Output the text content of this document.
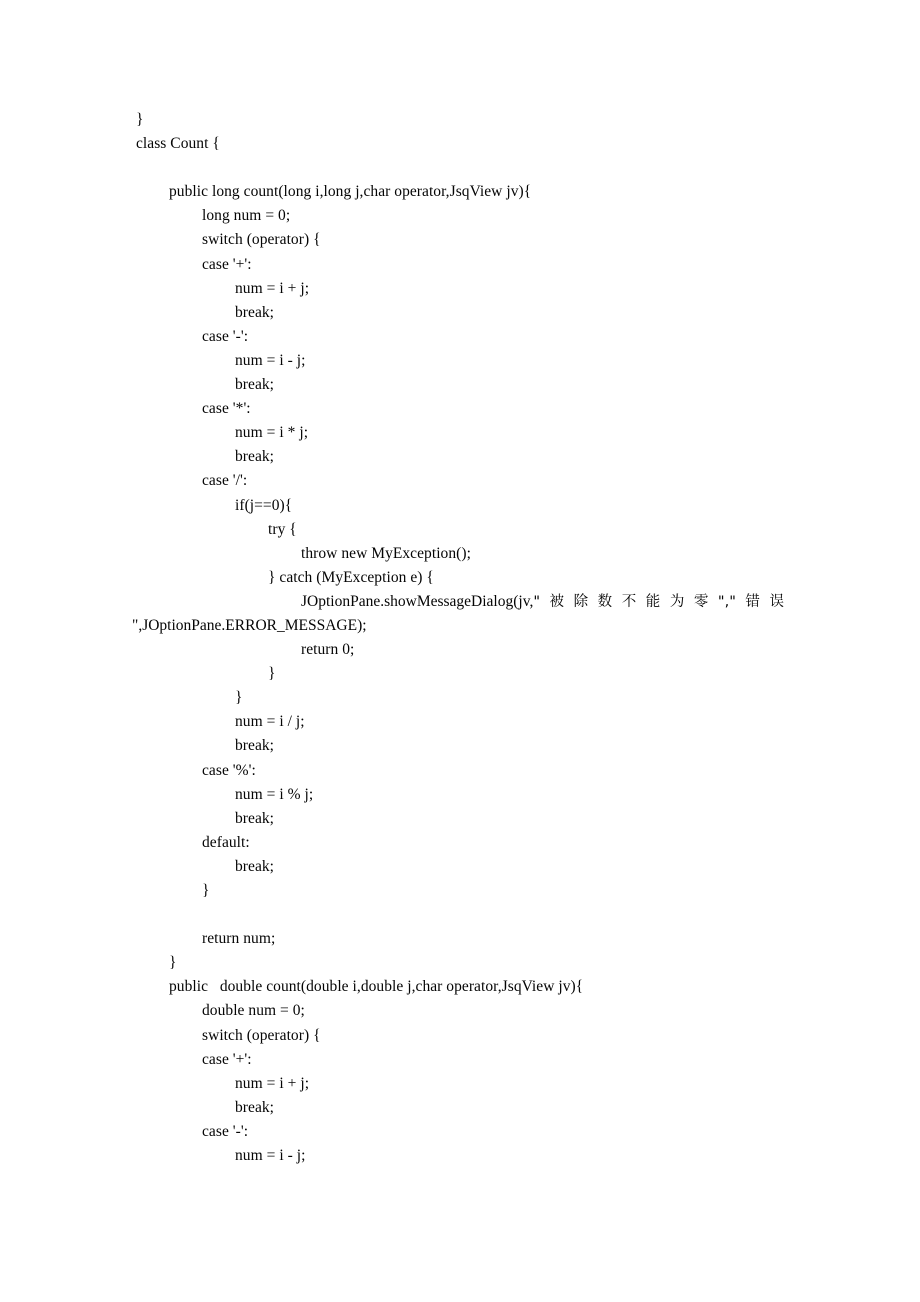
}
class Count {

public long count(long i,long j,char operator,JsqView jv){
long num = 0;
switch (operator) {
case '+':
num = i + j;
break;
case '-':
num = i - j;
break;
case '*':
num = i * j;
break;
case '/':
if(j==0){
try {
throw new MyException();
} catch (MyException e) {
JOptionPane.showMessageDialog(jv,"被除数不能为零","错误
",JOptionPane.ERROR_MESSAGE);
return 0;
}
}
num = i / j;
break;
case '%':
num = i % j;
break;
default:
break;
}

return num;
}
public   double count(double i,double j,char operator,JsqView jv){
double num = 0;
switch (operator) {
case '+':
num = i + j;
break;
case '-':
num = i - j;
